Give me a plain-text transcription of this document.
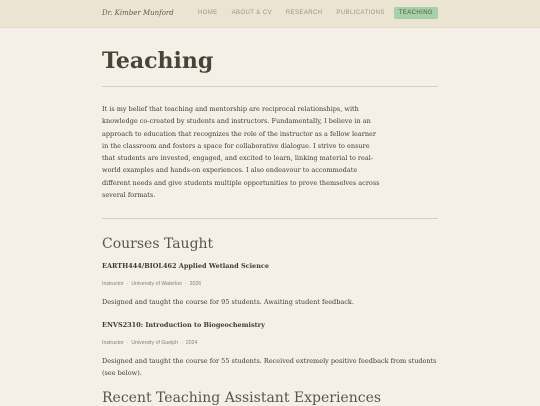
Dr. Kimber Munford	HOME	ABOUT & CV	RESEARCH	PUBLICATIONS	TEACHING
Teaching

It is my belief that teaching and mentorship are reciprocal relationships, with knowledge co-created by students and instructors. Fundamentally, I believe in an approach to education that recognizes the role of the instructor as a fellow learner in the classroom and fosters a space for collaborative dialogue. I strive to ensure that students are invested, engaged, and excited to learn, linking material to real-world examples and hands-on experiences. I also endeavour to accommodate different needs and give students multiple opportunities to prove themselves across several formats.

Courses Taught
EARTH444/BIOL462 Applied Wetland Science
Instructor · University of Waterloo · 2026

Designed and taught the course for 95 students. Awaiting student feedback.

ENVS2310: Introduction to Biogeochemistry
Instructor · University of Guelph · 2024

Designed and taught the course for 55 students. Received extremely positive feedback from students (see below).

Recent Teaching Assistant Experiences
